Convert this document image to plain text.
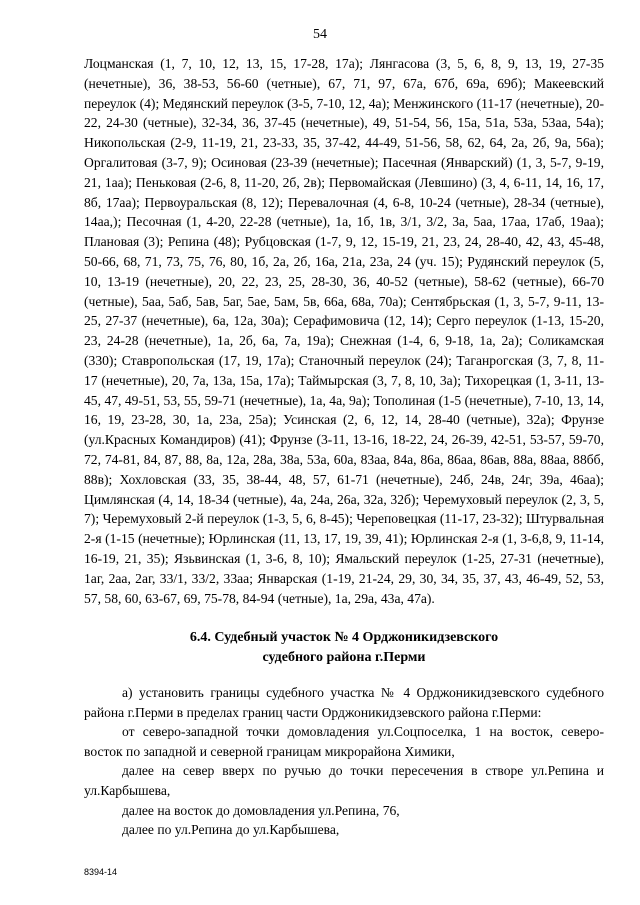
54

Лоцманская (1, 7, 10, 12, 13, 15, 17-28, 17а); Лянгасова (3, 5, 6, 8, 9, 13, 19, 27-35 (нечетные), 36, 38-53, 56-60 (четные), 67, 71, 97, 67а, 67б, 69а, 69б); Макеевский переулок (4); Медянский переулок (3-5, 7-10, 12, 4а); Менжинского (11-17 (нечетные), 20-22, 24-30 (четные), 32-34, 36, 37-45 (нечетные), 49, 51-54, 56, 15а, 51а, 53а, 53аа, 54а); Никопольская (2-9, 11-19, 21, 23-33, 35, 37-42, 44-49, 51-56, 58, 62, 64, 2а, 2б, 9а, 56а); Оргалитовая (3-7, 9); Осиновая (23-39 (нечетные); Пасечная (Январский) (1, 3, 5-7, 9-19, 21, 1аа); Пеньковая (2-6, 8, 11-20, 2б, 2в); Первомайская (Левшино) (3, 4, 6-11, 14, 16, 17, 8б, 17аа); Первоуральская (8, 12); Перевалочная (4, 6-8, 10-24 (четные), 28-34 (четные), 14аа,); Песочная (1, 4-20, 22-28 (четные), 1а, 1б, 1в, 3/1, 3/2, 3а, 5аа, 17аа, 17аб, 19аа); Плановая (3); Репина (48); Рубцовская (1-7, 9, 12, 15-19, 21, 23, 24, 28-40, 42, 43, 45-48, 50-66, 68, 71, 73, 75, 76, 80, 1б, 2а, 2б, 16а, 21а, 23а, 24 (уч. 15); Рудянский переулок (5, 10, 13-19 (нечетные), 20, 22, 23, 25, 28-30, 36, 40-52 (четные), 58-62 (четные), 66-70 (четные), 5аа, 5аб, 5ав, 5аг, 5ае, 5ам, 5в, 66а, 68а, 70а); Сентябрьская (1, 3, 5-7, 9-11, 13-25, 27-37 (нечетные), 6а, 12а, 30а); Серафимовича (12, 14); Серго переулок (1-13, 15-20, 23, 24-28 (нечетные), 1а, 2б, 6а, 7а, 19а); Снежная (1-4, 6, 9-18, 1а, 2а); Соликамская (330); Ставропольская (17, 19, 17а); Станочный переулок (24); Таганрогская (3, 7, 8, 11-17 (нечетные), 20, 7а, 13а, 15а, 17а); Таймырская (3, 7, 8, 10, 3а); Тихорецкая (1, 3-11, 13-45, 47, 49-51, 53, 55, 59-71 (нечетные), 1а, 4а, 9а); Тополиная (1-5 (нечетные), 7-10, 13, 14, 16, 19, 23-28, 30, 1а, 23а, 25а); Усинская (2, 6, 12, 14, 28-40 (четные), 32а); Фрунзе (ул.Красных Командиров) (41); Фрунзе (3-11, 13-16, 18-22, 24, 26-39, 42-51, 53-57, 59-70, 72, 74-81, 84, 87, 88, 8а, 12а, 28а, 38а, 53а, 60а, 83аа, 84а, 86а, 86аа, 86ав, 88а, 88аа, 88бб, 88в); Хохловская (33, 35, 38-44, 48, 57, 61-71 (нечетные), 24б, 24в, 24г, 39а, 46аа); Цимлянская (4, 14, 18-34 (четные), 4а, 24а, 26а, 32а, 32б); Черемуховый переулок (2, 3, 5, 7); Черемуховый 2-й переулок (1-3, 5, 6, 8-45); Череповецкая (11-17, 23-32); Штурвальная 2-я (1-15 (нечетные); Юрлинская (11, 13, 17, 19, 39, 41); Юрлинская 2-я (1, 3-6,8, 9, 11-14, 16-19, 21, 35); Язьвинская (1, 3-6, 8, 10); Ямальский переулок (1-25, 27-31 (нечетные), 1аг, 2аа, 2аг, 33/1, 33/2, 33аа; Январская (1-19, 21-24, 29, 30, 34, 35, 37, 43, 46-49, 52, 53, 57, 58, 60, 63-67, 69, 75-78, 84-94 (четные), 1а, 29а, 43а, 47а).

6.4. Судебный участок № 4 Орджоникидзевского
судебного района г.Перми

а) установить границы судебного участка № 4 Орджоникидзевского судебного района г.Перми в пределах границ части Орджоникидзевского района г.Перми:

от северо-западной точки домовладения ул.Соцпоселка, 1 на восток, северо-восток по западной и северной границам микрорайона Химики,

далее на север вверх по ручью до точки пересечения в створе ул.Репина и ул.Карбышева,

далее на восток до домовладения ул.Репина, 76,

далее по ул.Репина до ул.Карбышева,

8394-14
